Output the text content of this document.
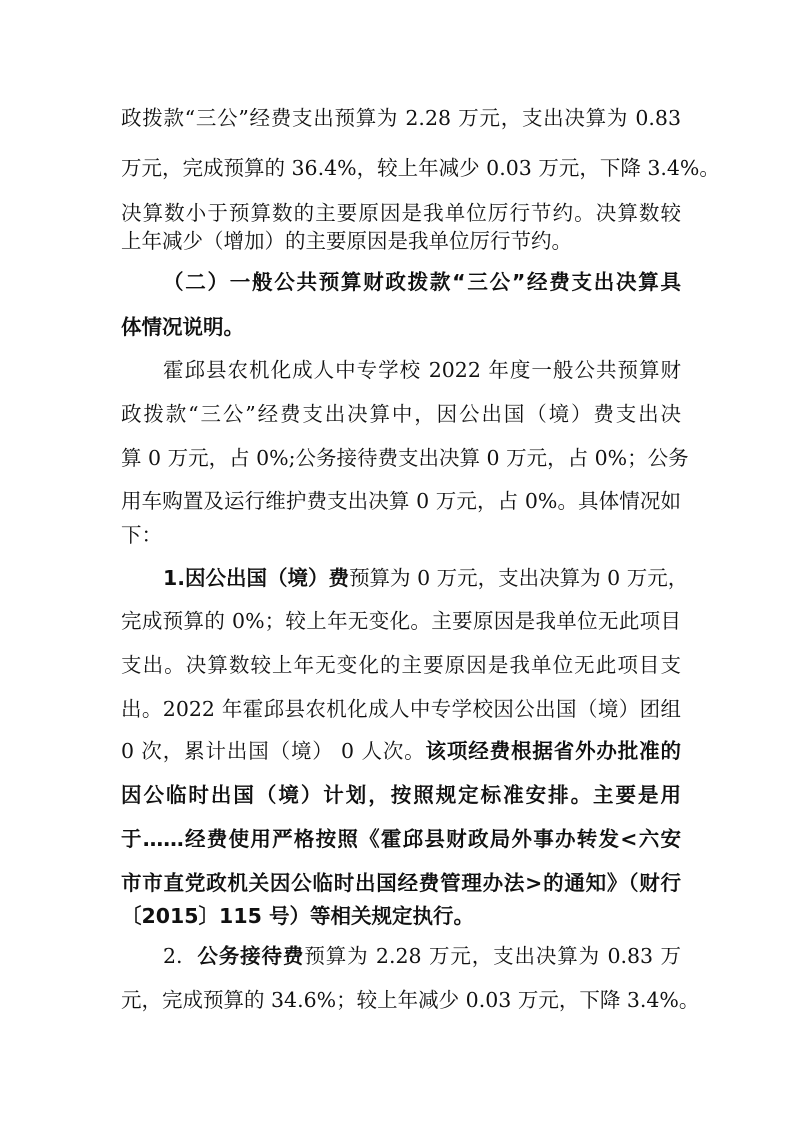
政拨款“三公”经费支出预算为 2.28 万元，支出决算为 0.83
万元，完成预算的 36.4%，较上年减少 0.03 万元，下降 3.4%。
决算数小于预算数的主要原因是我单位厉行节约。决算数较
上年减少（增加）的主要原因是我单位厉行节约。
（二）一般公共预算财政拨款“三公”经费支出决算具
体情况说明。
霍邱县农机化成人中专学校 2022 年度一般公共预算财
政拨款“三公”经费支出决算中，因公出国（境）费支出决
算 0 万元，占 0%;公务接待费支出决算 0 万元，占 0%；公务
用车购置及运行维护费支出决算 0 万元，占 0%。具体情况如
下：
1.因公出国（境）费预算为 0 万元，支出决算为 0 万元，
完成预算的 0%；较上年无变化。主要原因是我单位无此项目
支出。决算数较上年无变化的主要原因是我单位无此项目支
出。2022 年霍邱县农机化成人中专学校因公出国（境）团组
0 次，累计出国（境） 0 人次。该项经费根据省外办批准的
因公临时出国（境）计划，按照规定标准安排。主要是用
于……经费使用严格按照《霍邱县财政局外事办转发<六安
市市直党政机关因公临时出国经费管理办法>的通知》（财行
〔2015〕115 号）等相关规定执行。
2.  公务接待费预算为 2.28 万元，支出决算为 0.83 万
元，完成预算的 34.6%；较上年减少 0.03 万元，下降 3.4%。
